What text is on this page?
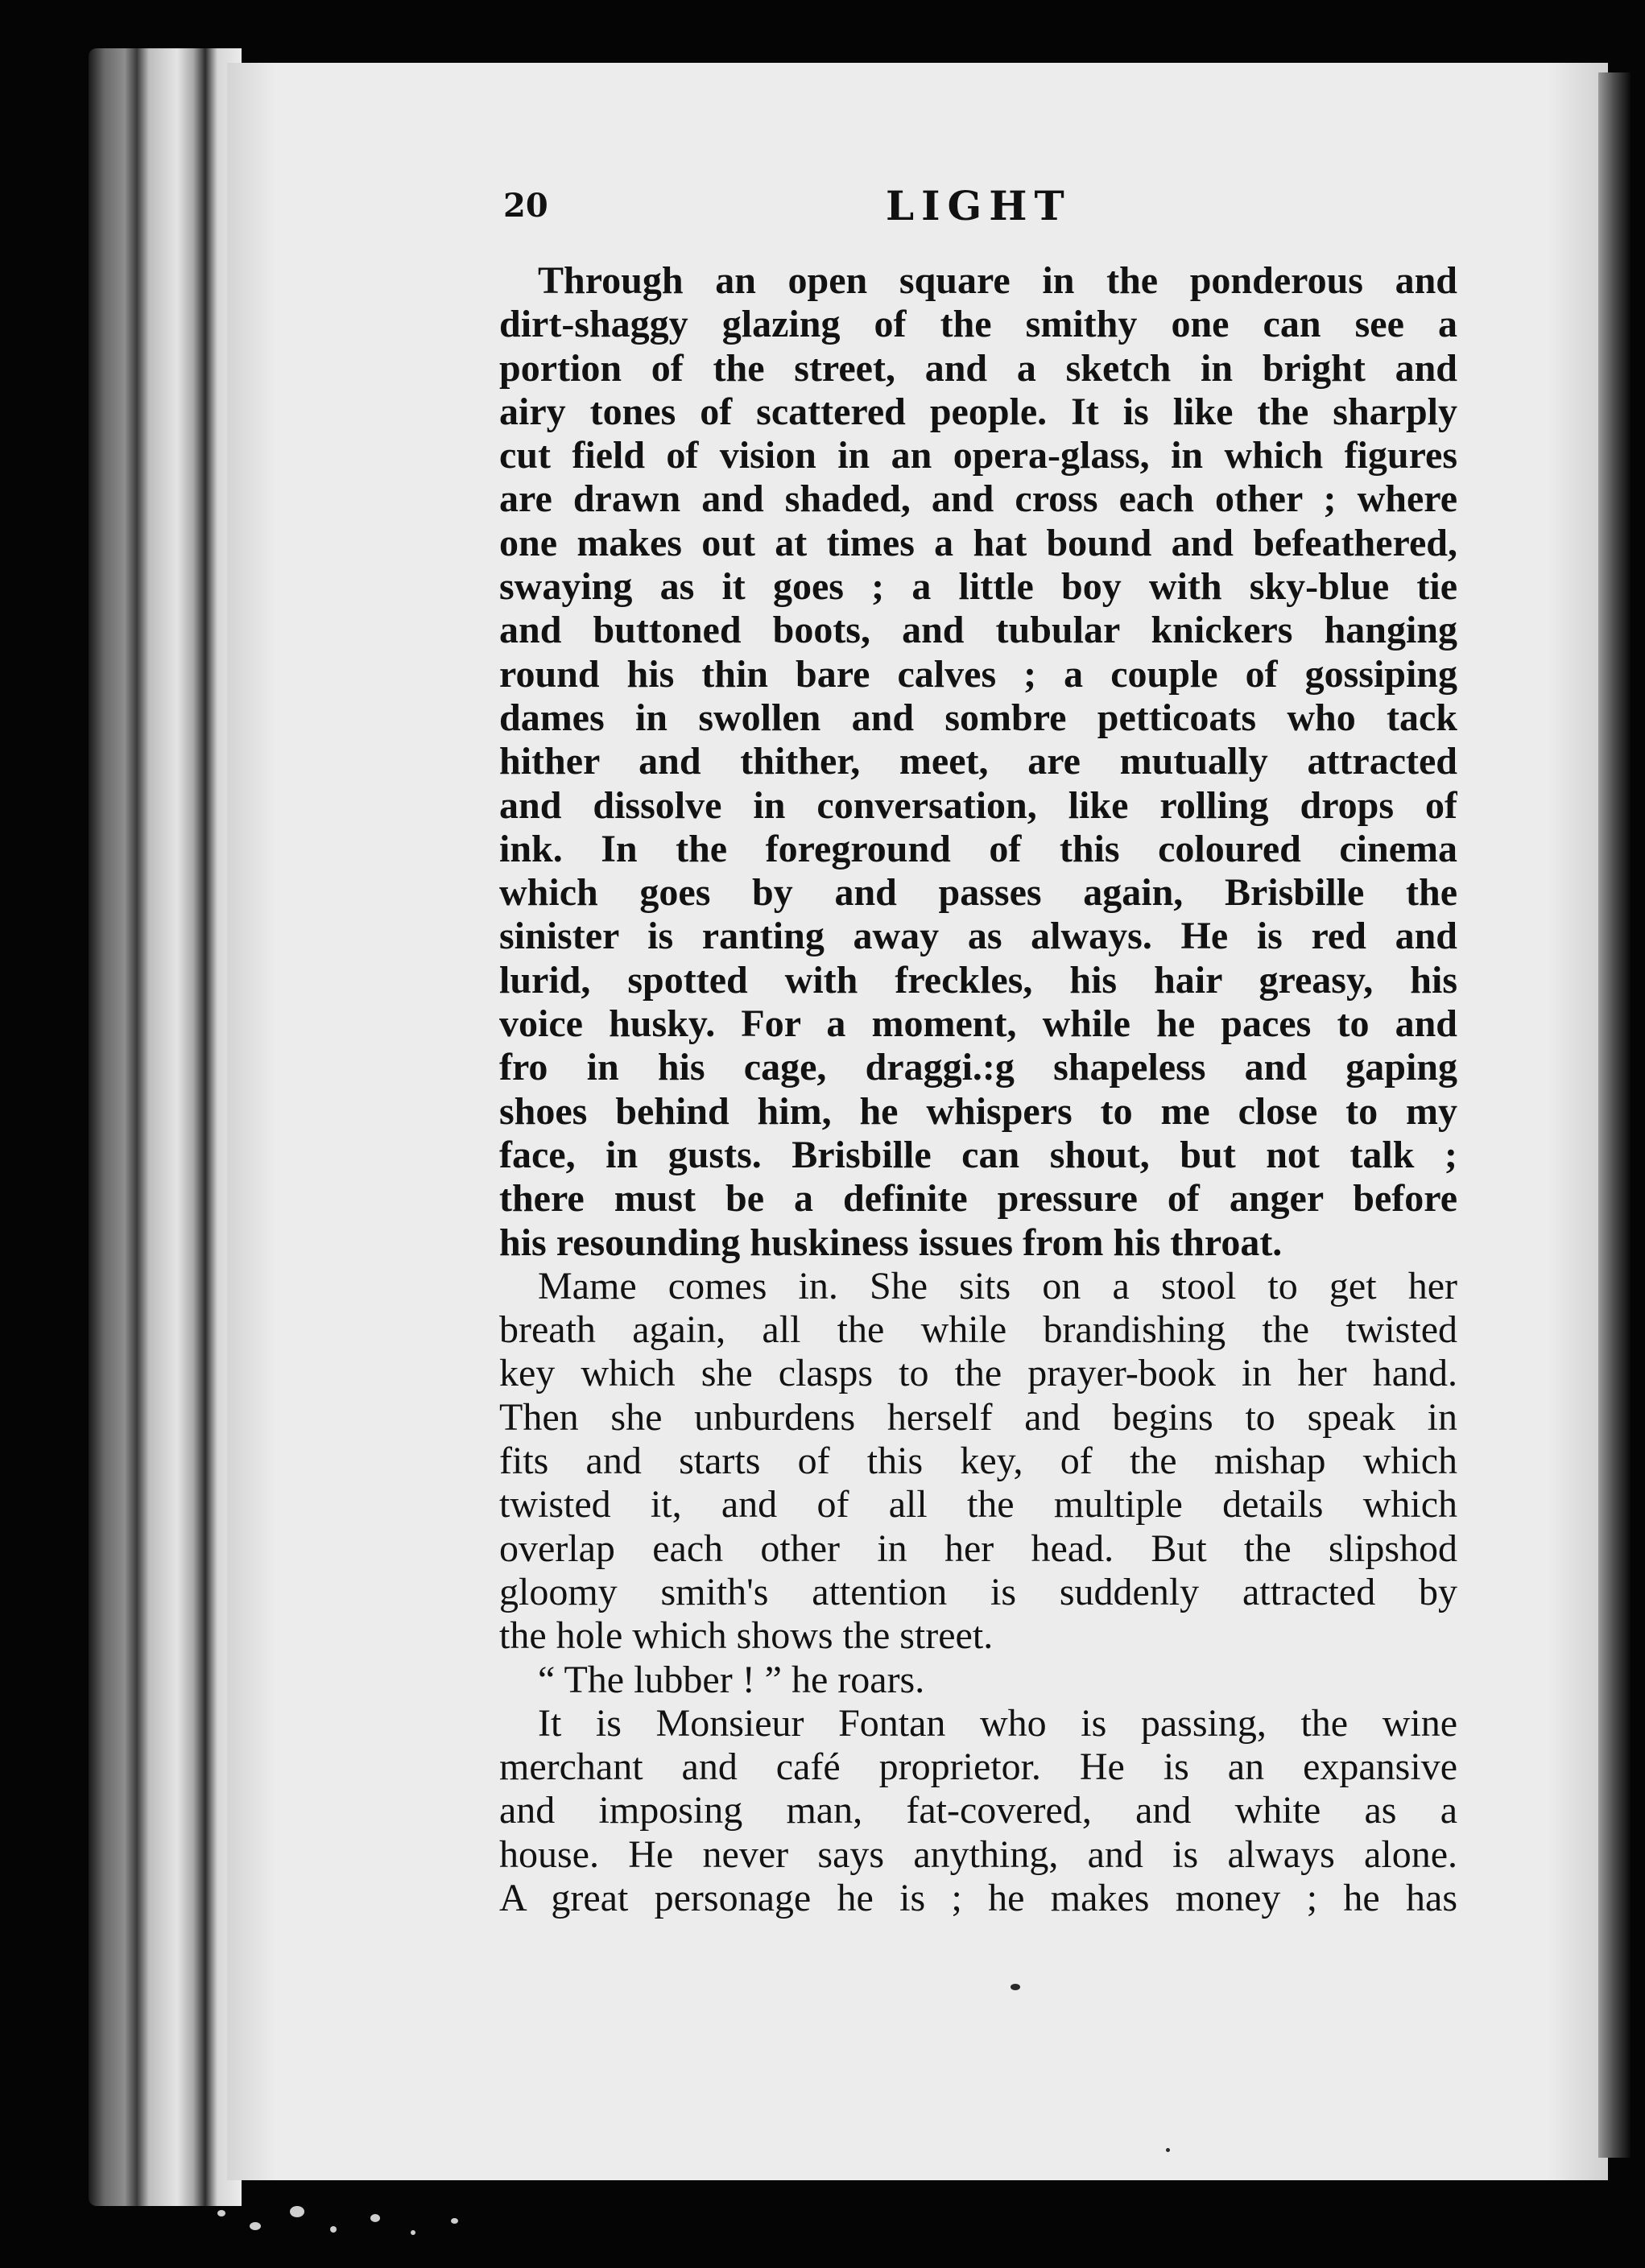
20	LIGHT
Through an open square in the ponderous and
dirt-shaggy glazing of the smithy one can see a
portion of the street, and a sketch in bright and
airy tones of scattered people. It is like the sharply
cut field of vision in an opera-glass, in which figures
are drawn and shaded, and cross each other ; where
one makes out at times a hat bound and befeathered,
swaying as it goes ; a little boy with sky-blue tie
and buttoned boots, and tubular knickers hanging
round his thin bare calves ; a couple of gossiping
dames in swollen and sombre petticoats who tack
hither and thither, meet, are mutually attracted
and dissolve in conversation, like rolling drops of
ink. In the foreground of this coloured cinema
which goes by and passes again, Brisbille the
sinister is ranting away as always. He is red and
lurid, spotted with freckles, his hair greasy, his
voice husky. For a moment, while he paces to and
fro in his cage, draggi.:g shapeless and gaping
shoes behind him, he whispers to me close to my
face, in gusts. Brisbille can shout, but not talk ;
there must be a definite pressure of anger before
his resounding huskiness issues from his throat.
Mame comes in. She sits on a stool to get her
breath again, all the while brandishing the twisted
key which she clasps to the prayer-book in her hand.
Then she unburdens herself and begins to speak in
fits and starts of this key, of the mishap which
twisted it, and of all the multiple details which
overlap each other in her head. But the slipshod
gloomy smith's attention is suddenly attracted by
the hole which shows the street.
“ The lubber ! ” he roars.
It is Monsieur Fontan who is passing, the wine
merchant and café proprietor. He is an expansive
and imposing man, fat-covered, and white as a
house. He never says anything, and is always alone.
A great personage he is ; he makes money ; he has
